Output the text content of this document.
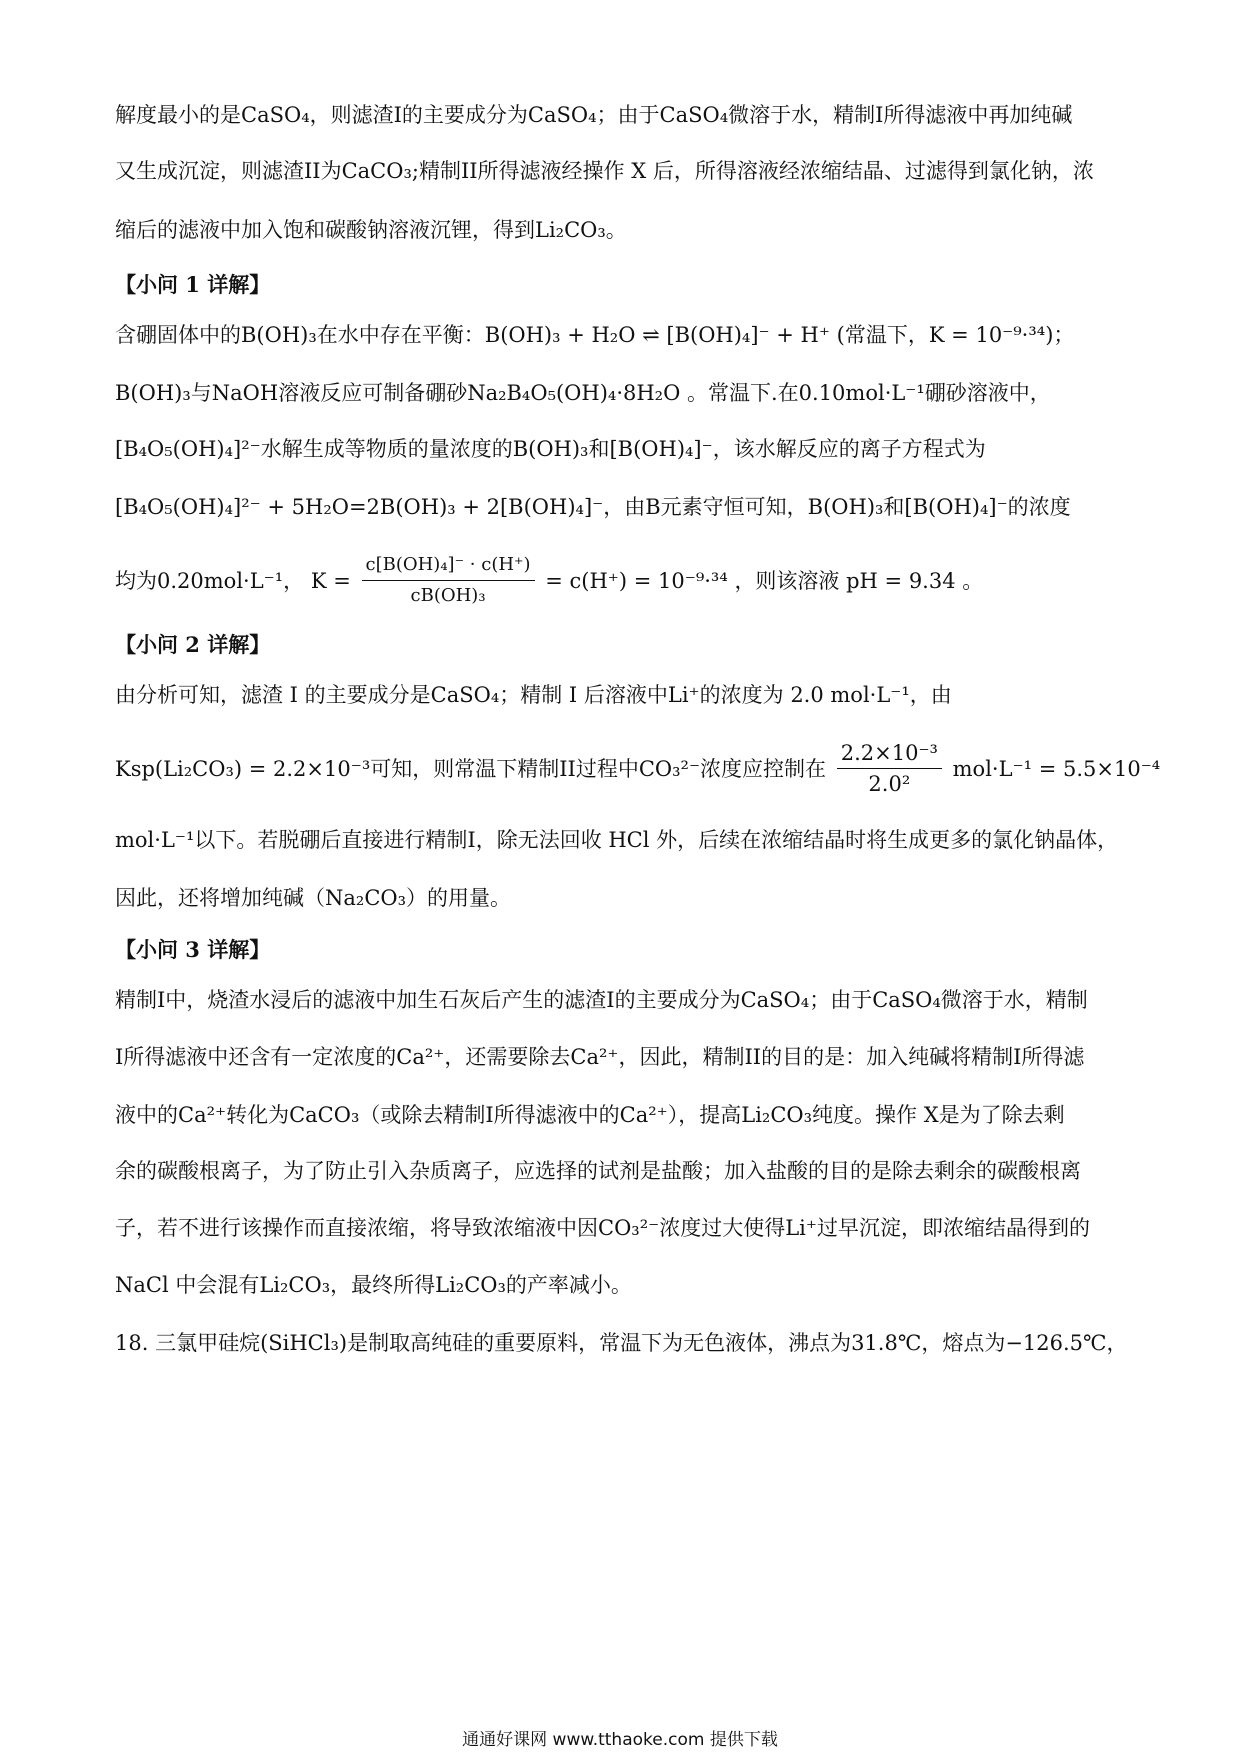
解度最小的是CaSO₄，则滤渣I的主要成分为CaSO₄；由于CaSO₄微溶于水，精制I所得滤液中再加纯碱
又生成沉淀，则滤渣II为CaCO₃;精制II所得滤液经操作 X 后，所得溶液经浓缩结晶、过滤得到氯化钠，浓
缩后的滤液中加入饱和碳酸钠溶液沉锂，得到Li₂CO₃。
【小问 1 详解】
含硼固体中的B(OH)₃在水中存在平衡：B(OH)₃ + H₂O ⇌ [B(OH)₄]⁻ + H⁺ (常温下，K = 10⁻⁹·³⁴)；
B(OH)₃与NaOH溶液反应可制备硼砂Na₂B₄O₅(OH)₄·8H₂O 。常温下.在0.10mol·L⁻¹硼砂溶液中，
[B₄O₅(OH)₄]²⁻水解生成等物质的量浓度的B(OH)₃和[B(OH)₄]⁻，该水解反应的离子方程式为
[B₄O₅(OH)₄]²⁻ + 5H₂O=2B(OH)₃ + 2[B(OH)₄]⁻，由B元素守恒可知，B(OH)₃和[B(OH)₄]⁻的浓度
均为0.20mol·L⁻¹， $K = \frac{\text{c[B(OH)₄]⁻ · c(H⁺)}}{\text{cB(OH)₃}} = c(H^+) = 10^{-9}\cdot^{34}$ ，则该溶液 pH = 9.34 。
【小问 2 详解】
由分析可知，滤渣 I 的主要成分是CaSO₄；精制 I 后溶液中Li⁺的浓度为 2.0 mol·L⁻¹，由
Ksp(Li₂CO₃) = 2.2×10⁻³可知，则常温下精制II过程中CO₃²⁻浓度应控制在 $\frac{\text{2.2×10⁻³}}{\text{2.0²}} mol\cdot L^{-1} = 5.5\times 10^{-4}$
mol·L⁻¹以下。若脱硼后直接进行精制I，除无法回收 HCl 外，后续在浓缩结晶时将生成更多的氯化钠晶体，
因此，还将增加纯碱（Na₂CO₃）的用量。
【小问 3 详解】
精制I中，烧渣水浸后的滤液中加生石灰后产生的滤渣I的主要成分为CaSO₄；由于CaSO₄微溶于水，精制
I所得滤液中还含有一定浓度的Ca²⁺，还需要除去Ca²⁺，因此，精制II的目的是：加入纯碱将精制I所得滤
液中的Ca²⁺转化为CaCO₃（或除去精制I所得滤液中的Ca²⁺），提高Li₂CO₃纯度。操作 X是为了除去剩
余的碳酸根离子，为了防止引入杂质离子，应选择的试剂是盐酸；加入盐酸的目的是除去剩余的碳酸根离
子，若不进行该操作而直接浓缩，将导致浓缩液中因CO₃²⁻浓度过大使得Li⁺过早沉淀，即浓缩结晶得到的
NaCl 中会混有Li₂CO₃，最终所得Li₂CO₃的产率减小。
18. 三氯甲硅烷(SiHCl₃)是制取高纯硅的重要原料，常温下为无色液体，沸点为31.8℃，熔点为−126.5℃，
通通好课网 www.tthaoke.com 提供下载
